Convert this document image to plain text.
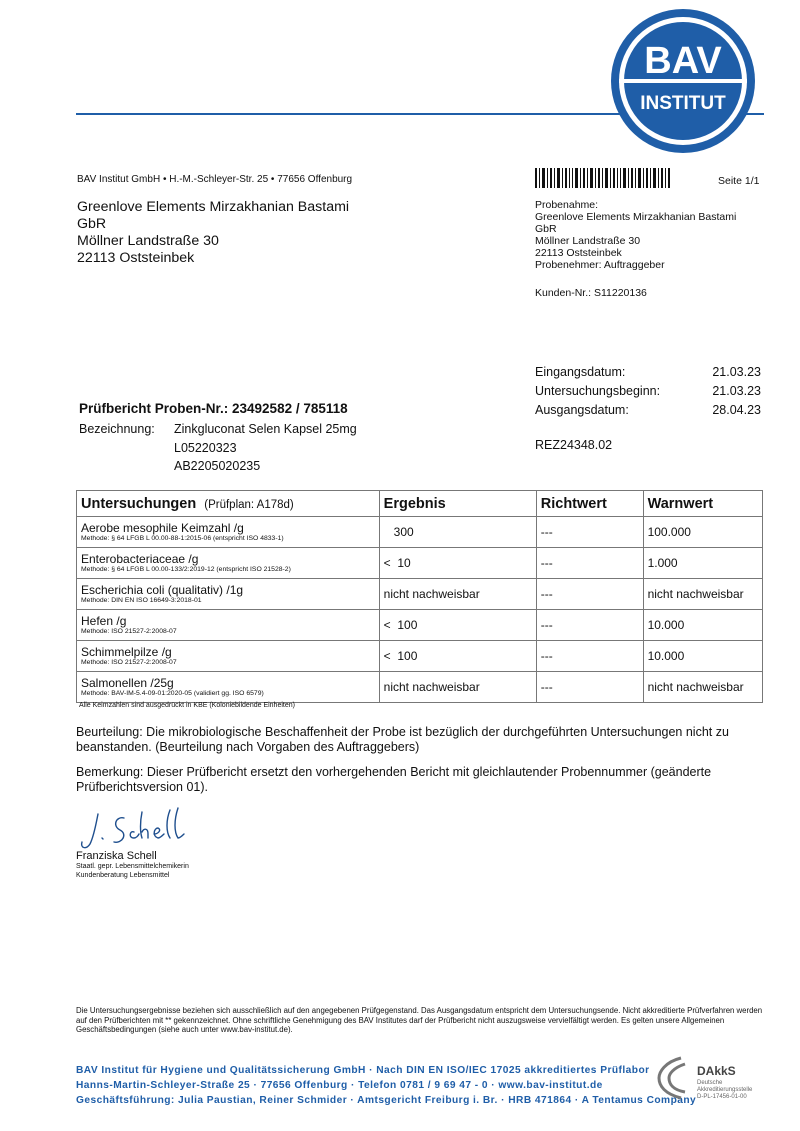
BAV
INSTITUT
BAV Institut GmbH • H.-M.-Schleyer-Str. 25 • 77656 Offenburg	Seite 1/1
Greenlove Elements Mirzakhanian Bastami
GbR
Möllner Landstraße 30
22113 Oststeinbek
Probenahme:
Greenlove Elements Mirzakhanian Bastami
GbR
Möllner Landstraße 30
22113 Oststeinbek
Probenehmer: Auftraggeber
Kunden-Nr.: S11220136
Eingangsdatum:	21.03.23
Untersuchungsbeginn:	21.03.23
Ausgangsdatum:	28.04.23
Prüfbericht Proben-Nr.: 23492582 / 785118
Bezeichnung: Zinkgluconat Selen Kapsel 25mg
L05220323
AB2205020235
REZ24348.02
Untersuchungen (Prüfplan: A178d)	Ergebnis	Richtwert	Warnwert
Aerobe mesophile Keimzahl /g
Methode: § 64 LFGB L 00.00-88-1:2015-06 (entspricht ISO 4833-1)	300	---	100.000
Enterobacteriaceae /g
Methode: § 64 LFGB L 00.00-133/2:2019-12 (entspricht ISO 21528-2)	<  10	---	1.000
Escherichia coli (qualitativ) /1g
Methode: DIN EN ISO 16649-3:2018-01	nicht nachweisbar	---	nicht nachweisbar
Hefen /g
Methode: ISO 21527-2:2008-07	<  100	---	10.000
Schimmelpilze /g
Methode: ISO 21527-2:2008-07	<  100	---	10.000
Salmonellen /25g
Methode: BAV-IM-5.4-09-01:2020-05 (validiert gg. ISO 6579)	nicht nachweisbar	---	nicht nachweisbar
Alle Keimzahlen sind ausgedrückt in KBE (Koloniebildende Einheiten)
Beurteilung: Die mikrobiologische Beschaffenheit der Probe ist bezüglich der durchgeführten Untersuchungen nicht zu beanstanden. (Beurteilung nach Vorgaben des Auftraggebers)
Bemerkung: Dieser Prüfbericht ersetzt den vorhergehenden Bericht mit gleichlautender Probennummer (geänderte Prüfberichtsversion 01).
J. Schell
Franziska Schell
Staatl. gepr. Lebensmittelchemikerin
Kundenberatung Lebensmittel
Die Untersuchungsergebnisse beziehen sich ausschließlich auf den angegebenen Prüfgegenstand. Das Ausgangsdatum entspricht dem Untersuchungsende. Nicht akkreditierte Prüfverfahren werden auf den Prüfberichten mit ** gekennzeichnet. Ohne schriftliche Genehmigung des BAV Institutes darf der Prüfbericht nicht auszugsweise vervielfältigt werden. Es gelten unsere Allgemeinen Geschäftsbedingungen (siehe auch unter www.bav-institut.de).
BAV Institut für Hygiene und Qualitätssicherung GmbH · Nach DIN EN ISO/IEC 17025 akkreditiertes Prüflabor
Hanns-Martin-Schleyer-Straße 25 · 77656 Offenburg · Telefon 0781 / 9 69 47 - 0 · www.bav-institut.de
Geschäftsführung: Julia Paustian, Reiner Schmider · Amtsgericht Freiburg i. Br. · HRB 471864 · A Tentamus Company
DAkkS
Deutsche
Akkreditierungsstelle
D-PL-17456-01-00
